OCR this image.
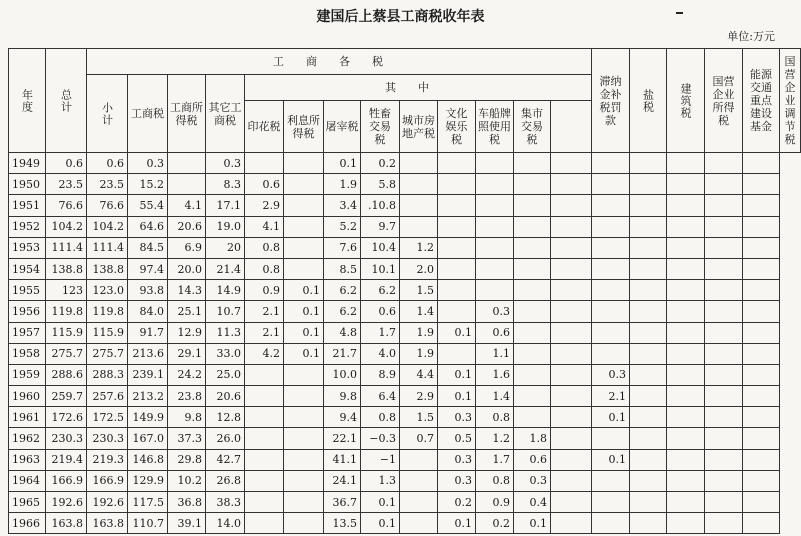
建国后上蔡县工商税收年表
单位:万元
年度	总计	工商各税													滞纳金补税罚款	盐税	建筑税	国营企业所得税	能源交通重点建设基金	国营企业调节税

		小计	工商税	工商所得税	其它工商税	其中														
						印花税	利息所得税	屠宰税	牲畜交易税	城市房地产税	文化娱乐税	车船牌照使用税	集市交易税							
1949	0.6	0.6	0.3		0.3			0.1	0.2											
1950	23.5	23.5	15.2		8.3	0.6		1.9	5.8											
1951	76.6	76.6	55.4	4.1	17.1	2.9		3.4	.10.8											
1952	104.2	104.2	64.6	20.6	19.0	4.1		5.2	9.7											
1953	111.4	111.4	84.5	6.9	20	0.8		7.6	10.4	1.2										
1954	138.8	138.8	97.4	20.0	21.4	0.8		8.5	10.1	2.0										
1955	123	123.0	93.8	14.3	14.9	0.9	0.1	6.2	6.2	1.5										
1956	119.8	119.8	84.0	25.1	10.7	2.1	0.1	6.2	0.6	1.4		0.3								
1957	115.9	115.9	91.7	12.9	11.3	2.1	0.1	4.8	1.7	1.9	0.1	0.6								
1958	275.7	275.7	213.6	29.1	33.0	4.2	0.1	21.7	4.0	1.9		1.1								
1959	288.6	288.3	239.1	24.2	25.0			10.0	8.9	4.4	0.1	1.6			0.3					
1960	259.7	257.6	213.2	23.8	20.6			9.8	6.4	2.9	0.1	1.4			2.1					
1961	172.6	172.5	149.9	9.8	12.8			9.4	0.8	1.5	0.3	0.8			0.1					
1962	230.3	230.3	167.0	37.3	26.0			22.1	−0.3	0.7	0.5	1.2	1.8							
1963	219.4	219.3	146.8	29.8	42.7			41.1	−1		0.3	1.7	0.6		0.1					
1964	166.9	166.9	129.9	10.2	26.8			24.1	1.3		0.3	0.8	0.3							
1965	192.6	192.6	117.5	36.8	38.3			36.7	0.1		0.2	0.9	0.4							
1966	163.8	163.8	110.7	39.1	14.0			13.5	0.1		0.1	0.2	0.1							
